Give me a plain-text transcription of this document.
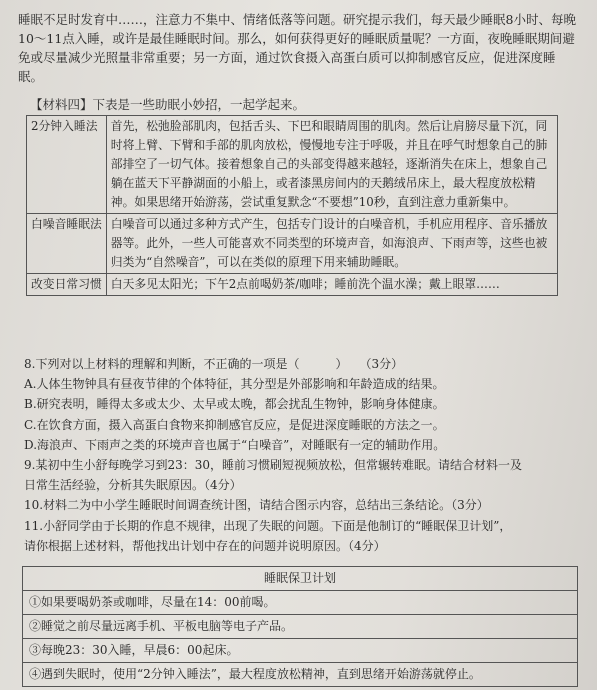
睡眠不足时发育中……，注意力不集中、情绪低落等问题。研究提示我们，每天最少睡眠8小时、每晚10～11点入睡，或许是最佳睡眠时间。那么，如何获得更好的睡眠质量呢？一方面，夜晚睡眠期间避免或尽量减少光照量非常重要；另一方面，通过饮食摄入高蛋白质可以抑制感官反应，促进深度睡眠。
【材料四】下表是一些助眠小妙招，一起学起来。
2分钟入睡法	首先，松弛脸部肌肉，包括舌头、下巴和眼睛周围的肌肉。然后让肩膀尽量下沉，同时将上臂、下臂和手部的肌肉放松，慢慢地专注于呼吸，并且在呼气时想象自己的肺部排空了一切气体。接着想象自己的头部变得越来越轻，逐渐消失在床上，想象自己躺在蓝天下平静湖面的小船上，或者漆黑房间内的天鹅绒吊床上，最大程度放松精神。如果思绪开始游荡，尝试重复默念“不要想”10秒，直到注意力重新集中。
白噪音睡眠法	白噪音可以通过多种方式产生，包括专门设计的白噪音机，手机应用程序、音乐播放器等。此外，一些人可能喜欢不同类型的环境声音，如海浪声、下雨声等，这些也被归类为“自然噪音”，可以在类似的原理下用来辅助睡眠。
改变日常习惯	白天多见太阳光；下午2点前喝奶茶/咖啡；睡前洗个温水澡；戴上眼罩……
8.下列对以上材料的理解和判断，不正确的一项是（　　　）　　（3分）
A.人体生物钟具有昼夜节律的个体特征，其分型是外部影响和年龄造成的结果。
B.研究表明，睡得太多或太少、太早或太晚，都会扰乱生物钟，影响身体健康。
C.在饮食方面，摄入高蛋白食物来抑制感官反应，是促进深度睡眠的方法之一。
D.海浪声、下雨声之类的环境声音也属于“白噪音”，对睡眠有一定的辅助作用。
9.某初中生小舒每晚学习到23：30，睡前习惯刷短视频放松，但常辗转难眠。请结合材料一及
日常生活经验，分析其失眠原因。（4分）
10.材料二为中小学生睡眠时间调查统计图，请结合图示内容，总结出三条结论。（3分）
11.小舒同学由于长期的作息不规律，出现了失眠的问题。下面是他制订的“睡眠保卫计划”，
请你根据上述材料，帮他找出计划中存在的问题并说明原因。（4分）
睡眠保卫计划
①如果要喝奶茶或咖啡，尽量在14：00前喝。
②睡觉之前尽量远离手机、平板电脑等电子产品。
③每晚23：30入睡，早晨6：00起床。
④遇到失眠时，使用“2分钟入睡法”，最大程度放松精神，直到思绪开始游荡就停止。
